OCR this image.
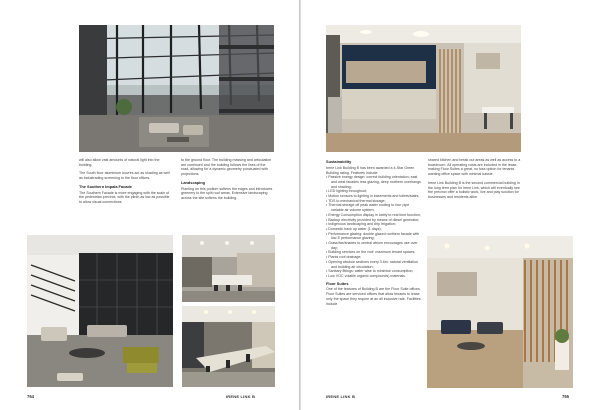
will also allow vast amounts of natural light into the building.

The South floor aluminium louvres act as shading as well as balustrading screening to the floor offices.

The Southern Impala Facade

The Southern Facade is more engaging with the scale of the pedestrian precinct, with the plinth as low as possible to allow visual connections

to the ground floor. The building massing and articulation are continued and the building follows the lines of the road, allowing for a dynamic geometry punctuated with projections.

Landscaping

Planting on this podium softens the edges and introduces greenery to the split roof areas. Extensive landscaping across the site softens the building.

764	IRENE LINK B
Sustainability

Irene Link Building B has been awarded a 4-Star Green Building rating. Features include:

• Passive energy design: correct building orientation; east and west facades less glazing, deep northern overhangs and shading;
• LED lighting throughout;
• Motion sensors to lighting in basements and toilets/stairs;
• TDS to mechanical thermal storage;
• Thermal storage off peak water cooling to four pipe variable air volume system;
• Energy Consumption display in lobby to real time function;
• Backup electricity provided by means of diesel generator;
• Indigenous landscaping and drip irrigation;
• Domestic back up water (1 days);
• Performance glazing: double glazed northern facade with low-E performance glazing;
• Grass/tax/shades to central atrium encourages use over day;
• Building services on the roof: maximum tenant spaces;
• Plants roof drainage;
• Opening window sections every 3.6m: natural ventilation and building air circulation;
• Sanitary fittings: water wise to minimise consumption;
• Low VOC volatile organic compounds) materials.
Floor Suites

One of the features of Building B are the Floor Suite offices. Floor Suites are serviced offices that allow tenants to lease only the space they require at an all inclusive rate. Facilities include

shared kitchen and break out areas as well as access to a boardroom. All operating costs are included in the lease, making Floor Suites a great, no fuss option for tenants wanting office space with minimal hassle.

Irene Link Building B is the second commercial building in the long term plan for Irene Link, which will eventually see the precinct offer a holistic work, live and play solution for businesses and residents alike.

IRENE LINK B	765
